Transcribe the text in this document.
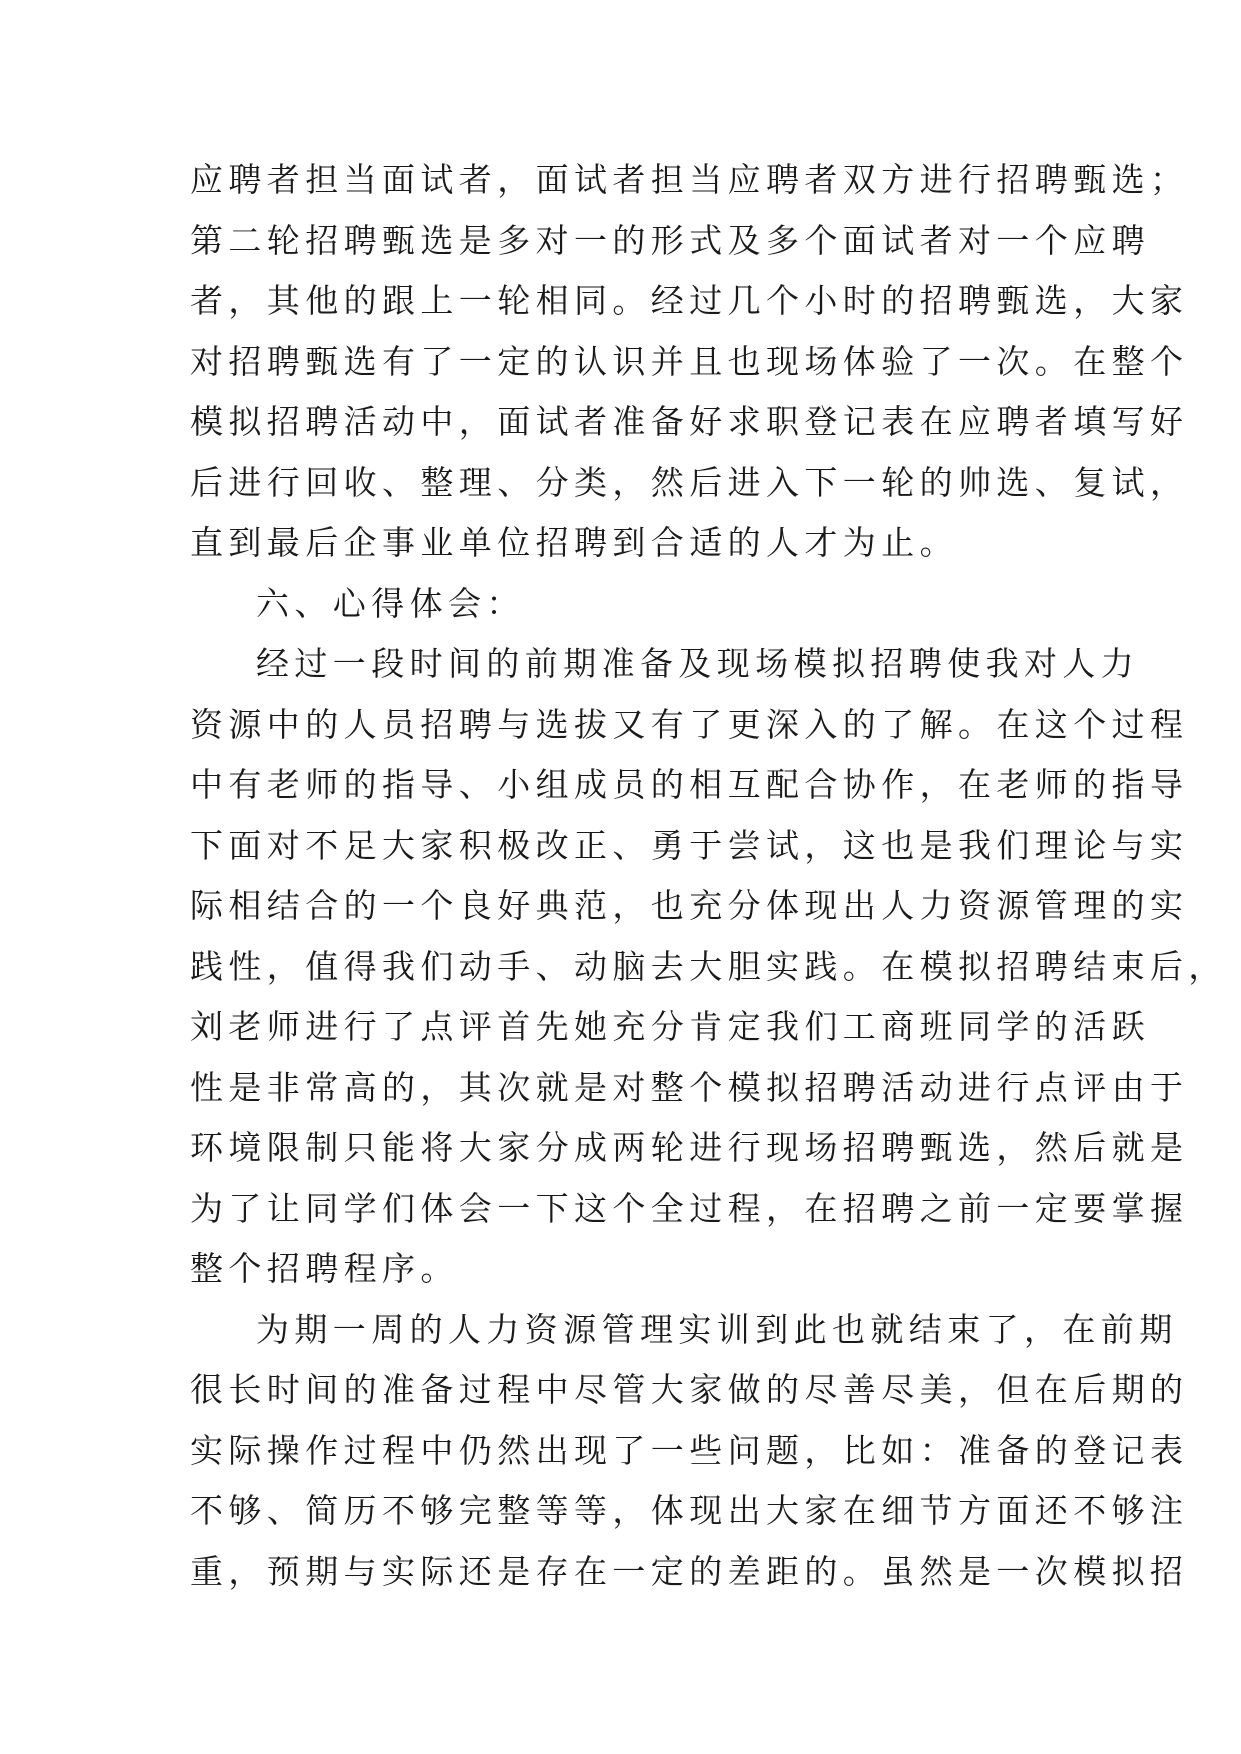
应聘者担当面试者，面试者担当应聘者双方进行招聘甄选；
第二轮招聘甄选是多对一的形式及多个面试者对一个应聘
者，其他的跟上一轮相同。经过几个小时的招聘甄选，大家
对招聘甄选有了一定的认识并且也现场体验了一次。在整个
模拟招聘活动中，面试者准备好求职登记表在应聘者填写好
后进行回收、整理、分类，然后进入下一轮的帅选、复试，
直到最后企事业单位招聘到合适的人才为止。
六、心得体会：
经过一段时间的前期准备及现场模拟招聘使我对人力
资源中的人员招聘与选拔又有了更深入的了解。在这个过程
中有老师的指导、小组成员的相互配合协作，在老师的指导
下面对不足大家积极改正、勇于尝试，这也是我们理论与实
际相结合的一个良好典范，也充分体现出人力资源管理的实
践性，值得我们动手、动脑去大胆实践。在模拟招聘结束后，
刘老师进行了点评首先她充分肯定我们工商班同学的活跃
性是非常高的，其次就是对整个模拟招聘活动进行点评由于
环境限制只能将大家分成两轮进行现场招聘甄选，然后就是
为了让同学们体会一下这个全过程，在招聘之前一定要掌握
整个招聘程序。
为期一周的人力资源管理实训到此也就结束了，在前期
很长时间的准备过程中尽管大家做的尽善尽美，但在后期的
实际操作过程中仍然出现了一些问题，比如：准备的登记表
不够、简历不够完整等等，体现出大家在细节方面还不够注
重，预期与实际还是存在一定的差距的。虽然是一次模拟招
